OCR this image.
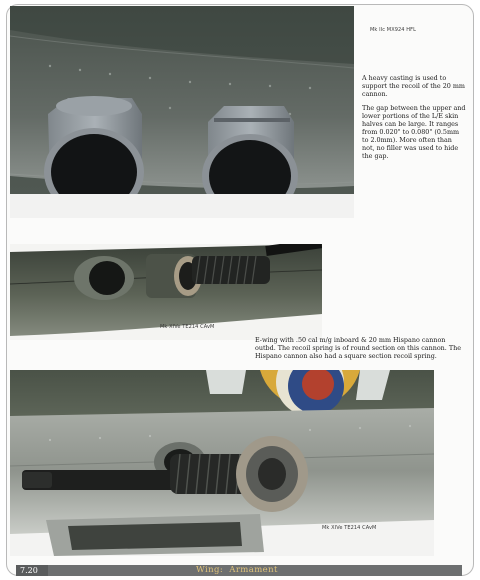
Mk IIc MX924 HFL
A heavy casting is used to support the recoil of the 20 mm cannon.
The gap between the upper and lower portions of the L/E skin halves can be large. It ranges from 0.020" to 0.080" (0.5mm to 2.0mm). More often than not, no filler was used to hide the gap.
Mk XIVe TE214 CAvM
E-wing with .50 cal m/g inboard & 20 mm Hispano cannon outbd. The recoil spring is of round section on this cannon. The Hispano cannon also had a square section recoil spring.
Mk XIVe TE214 CAvM
7.20	Wing:  Armament
